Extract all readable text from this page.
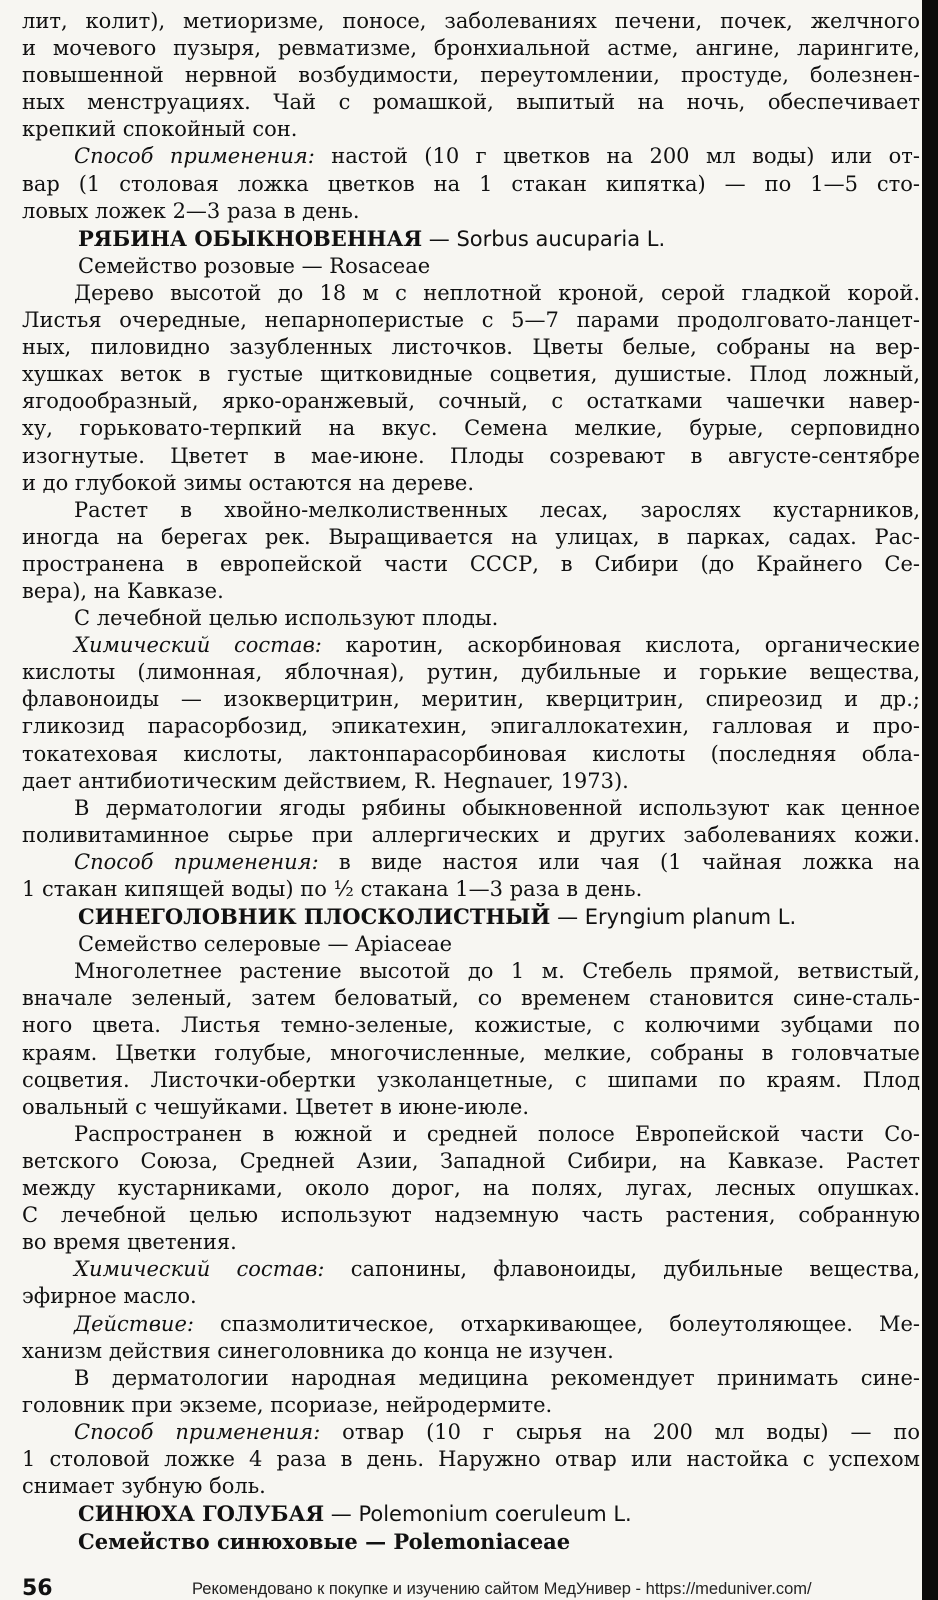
лит, колит), метиоризме, поносе, заболеваниях печени, почек, желчного

и мочевого пузыря, ревматизме, бронхиальной астме, ангине, ларингите,

повышенной нервной возбудимости, переутомлении, простуде, болезнен-

ных менструациях. Чай с ромашкой, выпитый на ночь, обеспечивает

крепкий спокойный сон.

Способ применения: настой (10 г цветков на 200 мл воды) или от-

вар (1 столовая ложка цветков на 1 стакан кипятка) — по 1—5 сто-

ловых ложек 2—3 раза в день.

РЯБИНА ОБЫКНОВЕННАЯ — Sorbus aucuparia L.

Семейство розовые — Rosaceae

Дерево высотой до 18 м с неплотной кроной, серой гладкой корой.

Листья очередные, непарноперистые с 5—7 парами продолговато-ланцет-

ных, пиловидно зазубленных листочков. Цветы белые, собраны на вер-

хушках веток в густые щитковидные соцветия, душистые. Плод ложный,

ягодообразный, ярко-оранжевый, сочный, с остатками чашечки навер-

ху, горьковато-терпкий на вкус. Семена мелкие, бурые, серповидно

изогнутые. Цветет в мае-июне. Плоды созревают в августе-сентябре

и до глубокой зимы остаются на дереве.

Растет в хвойно-мелколиственных лесах, зарослях кустарников,

иногда на берегах рек. Выращивается на улицах, в парках, садах. Рас-

пространена в европейской части СССР, в Сибири (до Крайнего Се-

вера), на Кавказе.

С лечебной целью используют плоды.

Химический состав: каротин, аскорбиновая кислота, органические

кислоты (лимонная, яблочная), рутин, дубильные и горькие вещества,

флавоноиды — изокверцитрин, меритин, кверцитрин, спиреозид и др.;

гликозид парасорбозид, эпикатехин, эпигаллокатехин, галловая и про-

токатеховая кислоты, лактонпарасорбиновая кислоты (последняя обла-

дает антибиотическим действием, R. Hegnauer, 1973).

В дерматологии ягоды рябины обыкновенной используют как ценное

поливитаминное сырье при аллергических и других заболеваниях кожи.

Способ применения: в виде настоя или чая (1 чайная ложка на

1 стакан кипящей воды) по ½ стакана 1—3 раза в день.

СИНЕГОЛОВНИК ПЛОСКОЛИСТНЫЙ — Eryngium planum L.

Семейство селеровые — Apiaceae

Многолетнее растение высотой до 1 м. Стебель прямой, ветвистый,

вначале зеленый, затем беловатый, со временем становится сине-сталь-

ного цвета. Листья темно-зеленые, кожистые, с колючими зубцами по

краям. Цветки голубые, многочисленные, мелкие, собраны в головчатые

соцветия. Листочки-обертки узколанцетные, с шипами по краям. Плод

овальный с чешуйками. Цветет в июне-июле.

Распространен в южной и средней полосе Европейской части Со-

ветского Союза, Средней Азии, Западной Сибири, на Кавказе. Растет

между кустарниками, около дорог, на полях, лугах, лесных опушках.

С лечебной целью используют надземную часть растения, собранную

во время цветения.

Химический состав: сапонины, флавоноиды, дубильные вещества,

эфирное масло.

Действие: спазмолитическое, отхаркивающее, болеутоляющее. Ме-

ханизм действия синеголовника до конца не изучен.

В дерматологии народная медицина рекомендует принимать сине-

головник при экземе, псориазе, нейродермите.

Способ применения: отвар (10 г сырья на 200 мл воды) — по

1 столовой ложке 4 раза в день. Наружно отвар или настойка с успехом

снимает зубную боль.

СИНЮХА ГОЛУБАЯ — Polemonium coeruleum L.

Семейство синюховые — Polemoniaceae

56	Рекомендовано к покупке и изучению сайтом МедУнивер - https://meduniver.com/
